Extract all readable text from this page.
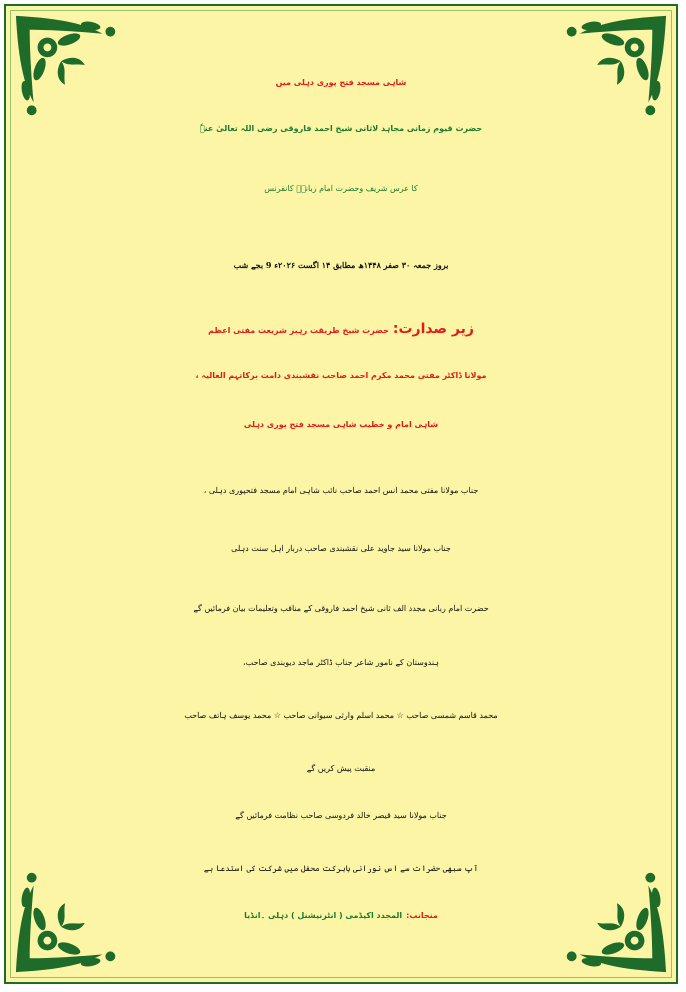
شاہی مسجد فتح پوری دہلی میں
حضرت قیوم زمانی مجاہد لاثانی شیخ احمد فاروقی رضی اللہ تعالیٰ عنہٗ
کا عرس شریف وحضرت امام ربانیؒ کانفرنس
بروز جمعہ ۳۰ صفر ۱۴۴۸ھ مطابق ۱۴ اگست ۲۰۲۶ء 9 بجے شب
زیر صدارت:حضرت شیخ طریقت رہبر شریعت مفتی اعظم
مولانا ڈاکٹر مفتی محمد مکرم احمد صاحب نقشبندی دامت برکاتہم العالیہ ،
شاہی امام و خطیب شاہی مسجد فتح پوری دہلی
جناب مولانا مفتی محمد انس احمد صاحب نائب شاہی امام مسجد فتحپوری دہلی ،
جناب مولانا سید جاوید علی نقشبندی صاحب دربار اہل سنت دہلی
حضرت امام ربانی مجدد الف ثانی شیخ احمد فاروقی کے مناقب وتعلیمات بیان فرمائیں گے
ہندوستان کے نامور شاعر جناب ڈاکٹر ماجد دیوبندی صاحب،
محمد قاسم شمسی صاحب ☆ محمد اسلم وارثی سیوانی صاحب ☆ محمد یوسف ہاتف صاحب
منقبت پیش کریں گے
جناب مولانا سید قیصر خالد فردوسی صاحب نظامت فرمائیں گے
آپ سبھی حضرات سے اس نورانی بابرکت محفل میں شرکت کی استدعا ہے
منجانب:المجدد اکیڈمی ( انٹرنیشنل ) دہلی ۔انڈیا
